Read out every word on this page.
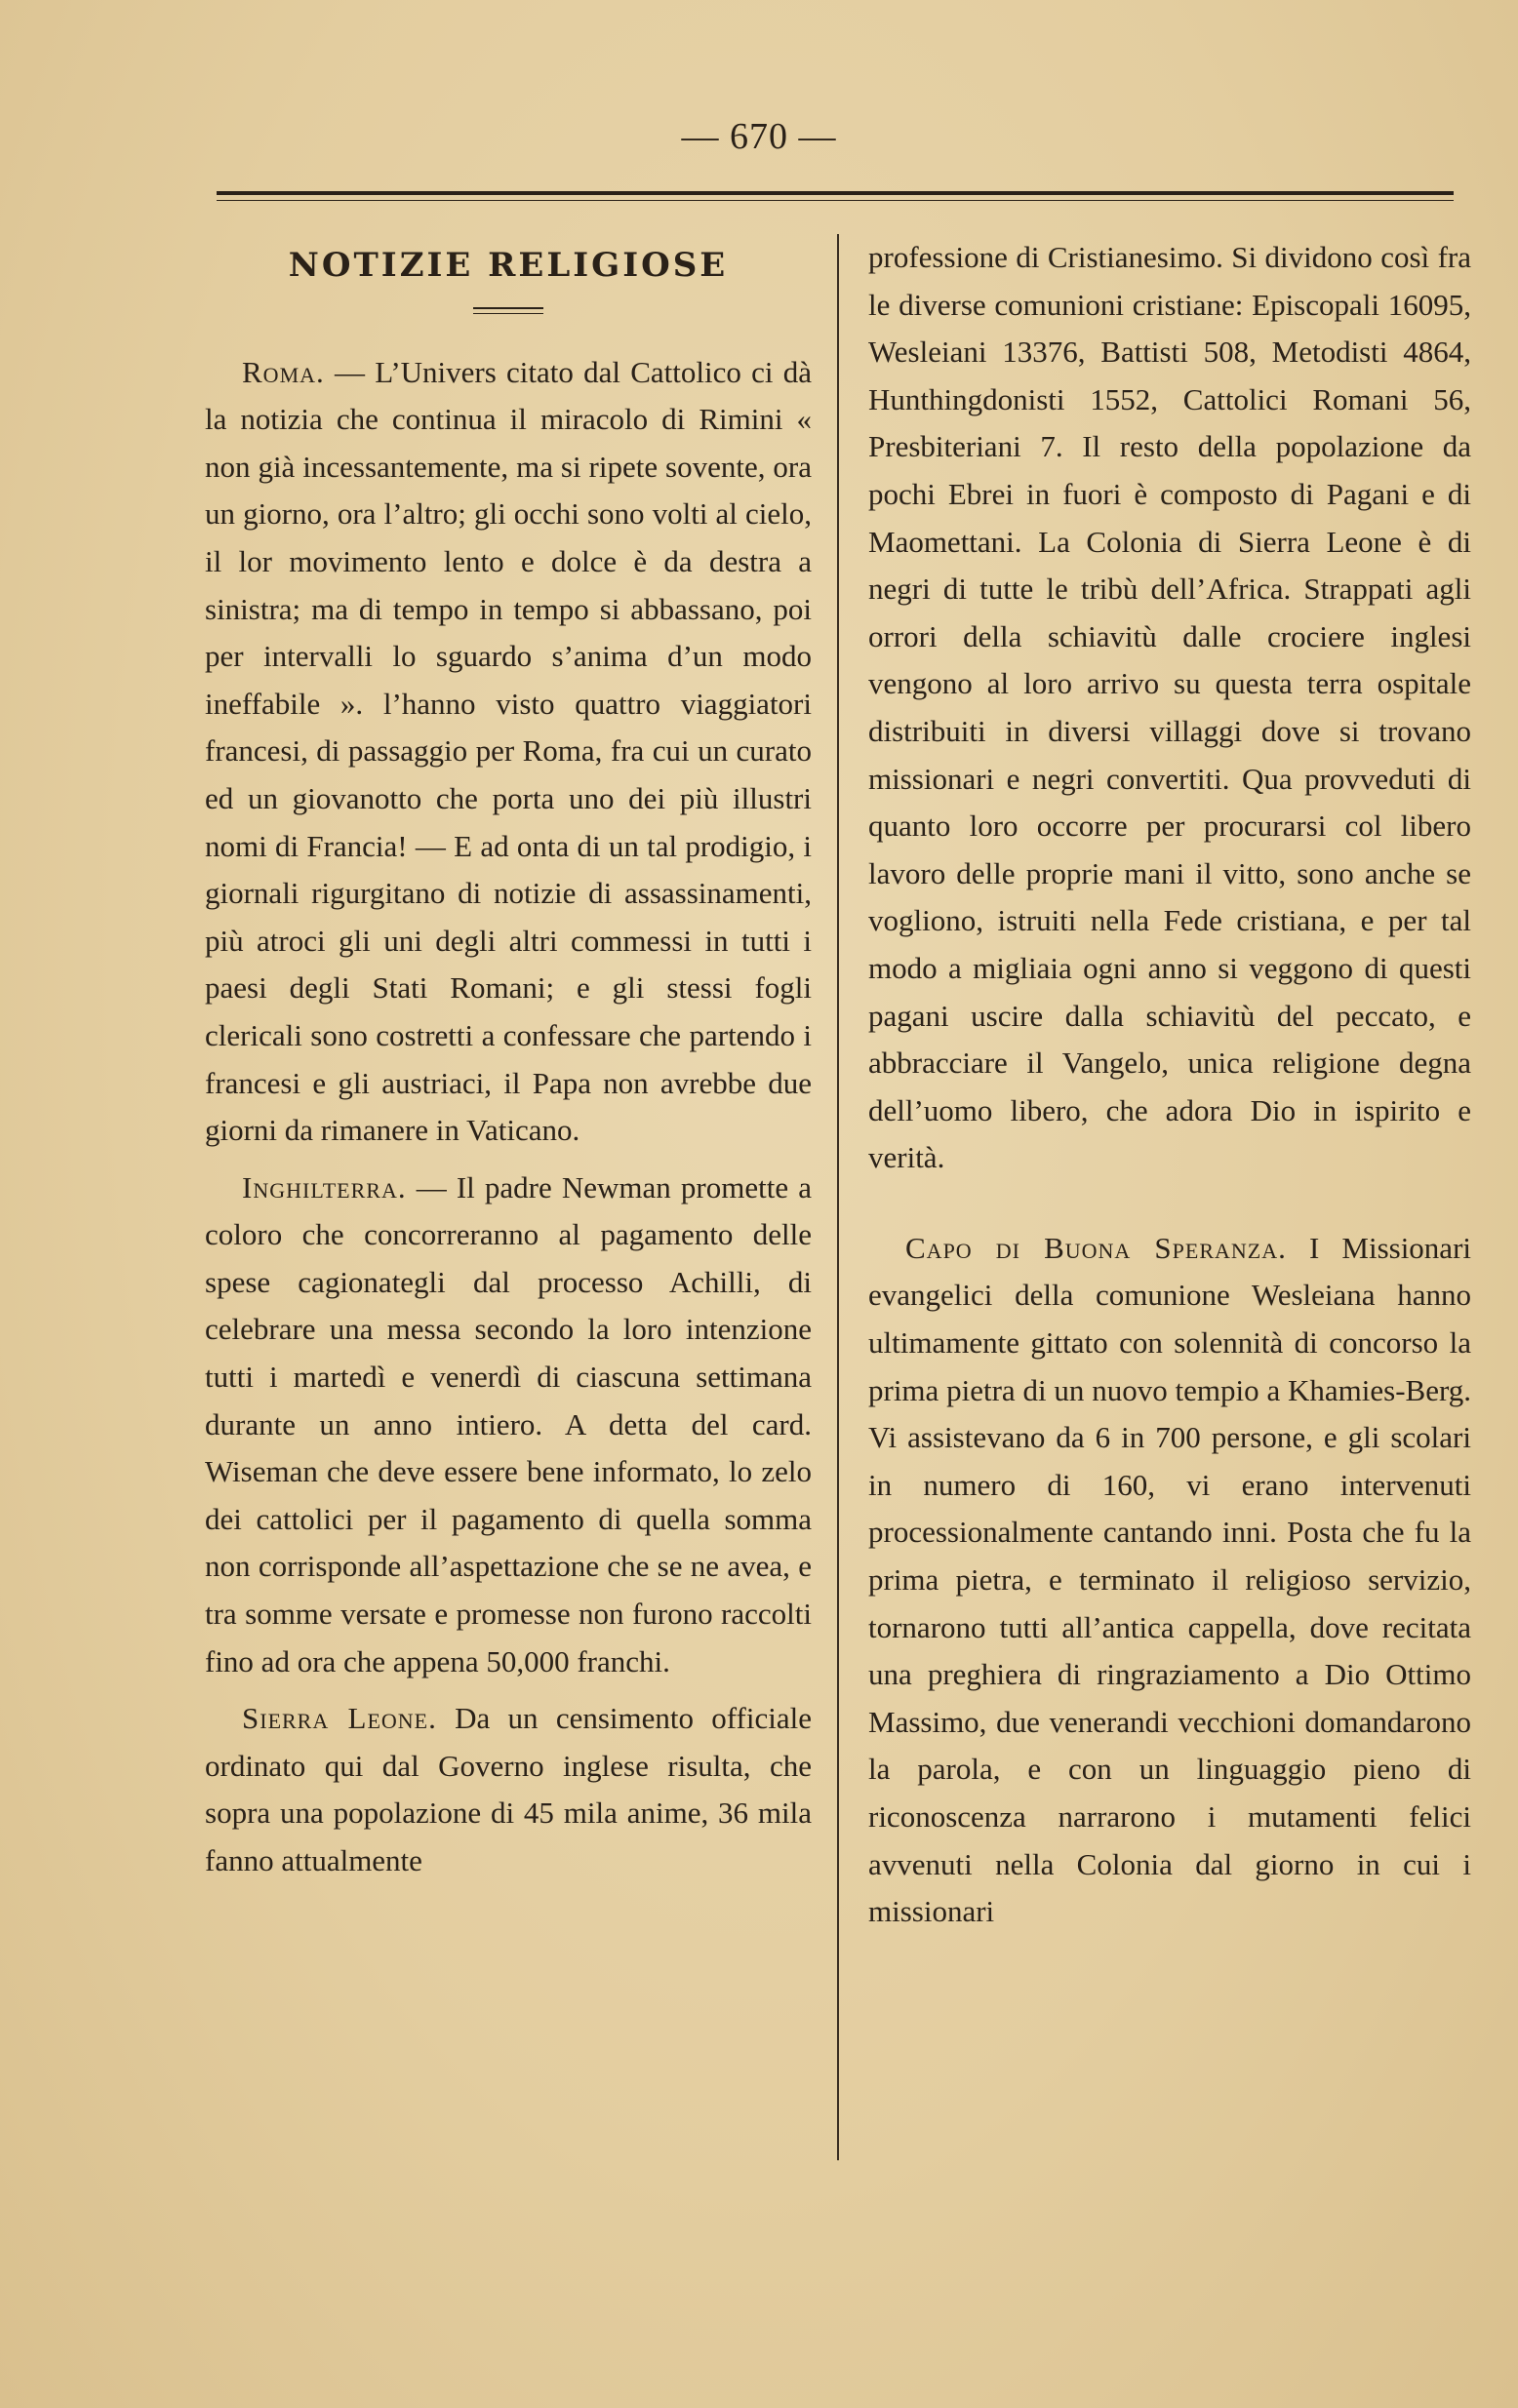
— 670 —
NOTIZIE RELIGIOSE

Roma. — L’Univers citato dal Cattolico ci dà la notizia che continua il miracolo di Rimini « non già incessantemente, ma si ripete sovente, ora un giorno, ora l’altro; gli occhi sono volti al cielo, il lor movimento lento e dolce è da destra a sinistra; ma di tempo in tempo si abbassano, poi per intervalli lo sguardo s’anima d’un modo ineffabile ». l’hanno visto quattro viaggiatori francesi, di passaggio per Roma, fra cui un curato ed un giovanotto che porta uno dei più illustri nomi di Francia! — E ad onta di un tal prodigio, i giornali rigurgitano di notizie di assassinamenti, più atroci gli uni degli altri commessi in tutti i paesi degli Stati Romani; e gli stessi fogli clericali sono costretti a confessare che partendo i francesi e gli austriaci, il Papa non avrebbe due giorni da rimanere in Vaticano.

Inghilterra. — Il padre Newman promette a coloro che concorreranno al pagamento delle spese cagionategli dal processo Achilli, di celebrare una messa secondo la loro intenzione tutti i martedì e venerdì di ciascuna settimana durante un anno intiero. A detta del card. Wiseman che deve essere bene informato, lo zelo dei cattolici per il pagamento di quella somma non corrisponde all’aspettazione che se ne avea, e tra somme versate e promesse non furono raccolti fino ad ora che appena 50,000 franchi.

Sierra Leone. Da un censimento officiale ordinato qui dal Governo inglese risulta, che sopra una popolazione di 45 mila anime, 36 mila fanno attualmente

professione di Cristianesimo. Si dividono così fra le diverse comunioni cristiane: Episcopali 16095, Wesleiani 13376, Battisti 508, Metodisti 4864, Hunthingdonisti 1552, Cattolici Romani 56, Presbiteriani 7. Il resto della popolazione da pochi Ebrei in fuori è composto di Pagani e di Maomettani. La Colonia di Sierra Leone è di negri di tutte le tribù dell’Africa. Strappati agli orrori della schiavitù dalle crociere inglesi vengono al loro arrivo su questa terra ospitale distribuiti in diversi villaggi dove si trovano missionari e negri convertiti. Qua provveduti di quanto loro occorre per procurarsi col libero lavoro delle proprie mani il vitto, sono anche se vogliono, istruiti nella Fede cristiana, e per tal modo a migliaia ogni anno si veggono di questi pagani uscire dalla schiavitù del peccato, e abbracciare il Vangelo, unica religione degna dell’uomo libero, che adora Dio in ispirito e verità.

Capo di Buona Speranza. I Missionari evangelici della comunione Wesleiana hanno ultimamente gittato con solennità di concorso la prima pietra di un nuovo tempio a Khamies-Berg. Vi assistevano da 6 in 700 persone, e gli scolari in numero di 160, vi erano intervenuti processionalmente cantando inni. Posta che fu la prima pietra, e terminato il religioso servizio, tornarono tutti all’antica cappella, dove recitata una preghiera di ringraziamento a Dio Ottimo Massimo, due venerandi vecchioni domandarono la parola, e con un linguaggio pieno di riconoscenza narrarono i mutamenti felici avvenuti nella Colonia dal giorno in cui i missionari
